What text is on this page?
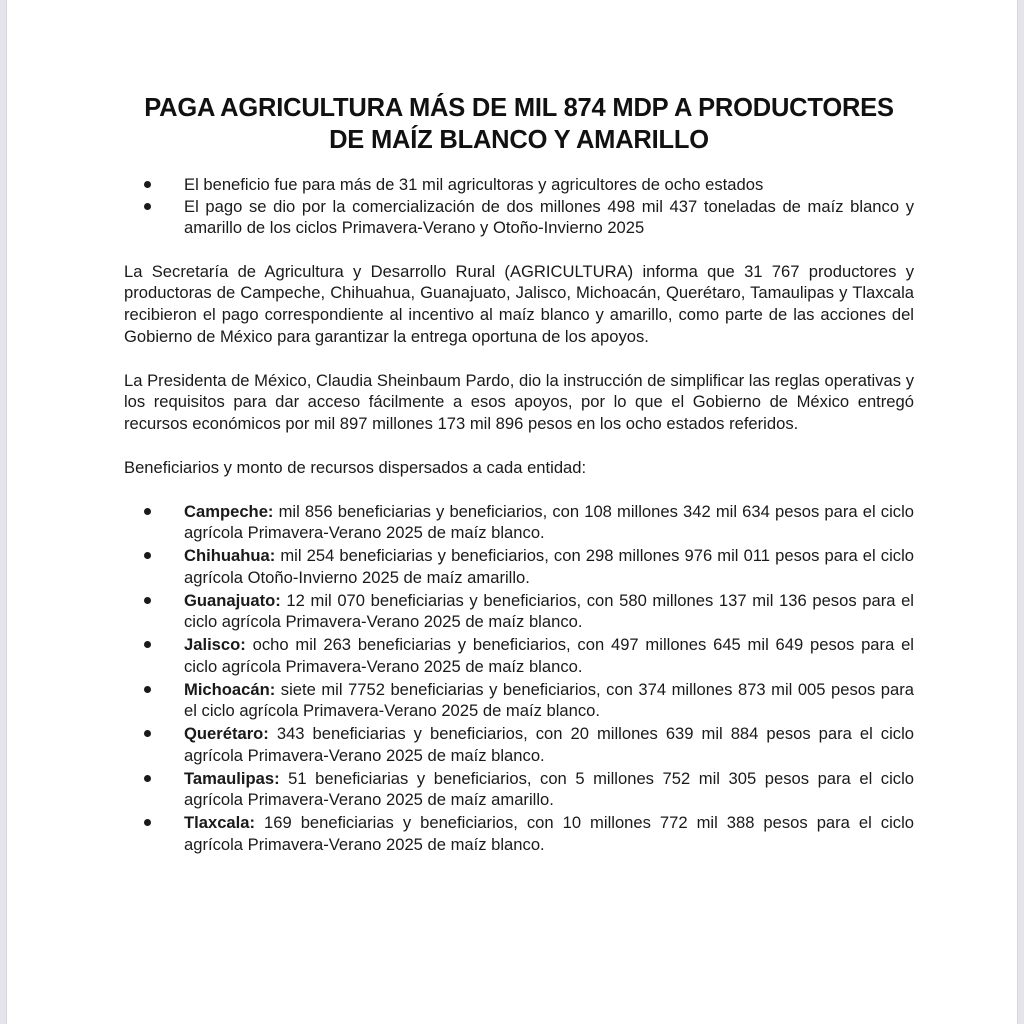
PAGA AGRICULTURA MÁS DE MIL 874 MDP A PRODUCTORES DE MAÍZ BLANCO Y AMARILLO
El beneficio fue para más de 31 mil agricultoras y agricultores de ocho estados
El pago se dio por la comercialización de dos millones 498 mil 437 toneladas de maíz blanco y amarillo de los ciclos Primavera-Verano y Otoño-Invierno 2025

La Secretaría de Agricultura y Desarrollo Rural (AGRICULTURA) informa que 31 767 productores y productoras de Campeche, Chihuahua, Guanajuato, Jalisco, Michoacán, Querétaro, Tamaulipas y Tlaxcala recibieron el pago correspondiente al incentivo al maíz blanco y amarillo, como parte de las acciones del Gobierno de México para garantizar la entrega oportuna de los apoyos.

La Presidenta de México, Claudia Sheinbaum Pardo, dio la instrucción de simplificar las reglas operativas y los requisitos para dar acceso fácilmente a esos apoyos, por lo que el Gobierno de México entregó recursos económicos por mil 897 millones 173 mil 896 pesos en los ocho estados referidos.

Beneficiarios y monto de recursos dispersados a cada entidad:

Campeche: mil 856 beneficiarias y beneficiarios, con 108 millones 342 mil 634 pesos para el ciclo agrícola Primavera-Verano 2025 de maíz blanco.
Chihuahua: mil 254 beneficiarias y beneficiarios, con 298 millones 976 mil 011 pesos para el ciclo agrícola Otoño-Invierno 2025 de maíz amarillo.
Guanajuato: 12 mil 070 beneficiarias y beneficiarios, con 580 millones 137 mil 136 pesos para el ciclo agrícola Primavera-Verano 2025 de maíz blanco.
Jalisco: ocho mil 263 beneficiarias y beneficiarios, con 497 millones 645 mil 649 pesos para el ciclo agrícola Primavera-Verano 2025 de maíz blanco.
Michoacán: siete mil 7752 beneficiarias y beneficiarios, con 374 millones 873 mil 005 pesos para el ciclo agrícola Primavera-Verano 2025 de maíz blanco.
Querétaro: 343 beneficiarias y beneficiarios, con 20 millones 639 mil 884 pesos para el ciclo agrícola Primavera-Verano 2025 de maíz blanco.
Tamaulipas: 51 beneficiarias y beneficiarios, con 5 millones 752 mil 305 pesos para el ciclo agrícola Primavera-Verano 2025 de maíz amarillo.
Tlaxcala: 169 beneficiarias y beneficiarios, con 10 millones 772 mil 388 pesos para el ciclo agrícola Primavera-Verano 2025 de maíz blanco.
